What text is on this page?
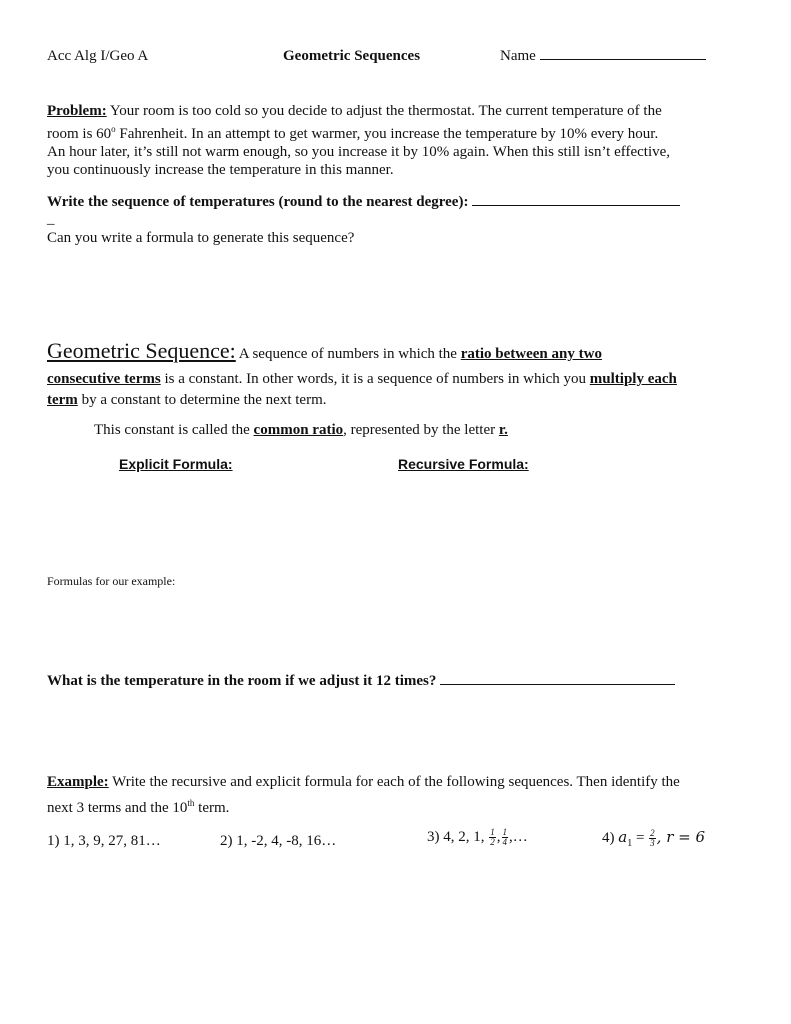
Acc Alg I/Geo A	Geometric Sequences	Name
Problem: Your room is too cold so you decide to adjust the thermostat. The current temperature of the
room is 60$^o$ Fahrenheit. In an attempt to get warmer, you increase the temperature by 10% every hour.
An hour later, it’s still not warm enough, so you increase it by 10% again. When this still isn’t effective,
you continuously increase the temperature in this manner.
Write the sequence of temperatures (round to the nearest degree):
_
Can you write a formula to generate this sequence?
Geometric Sequence: A sequence of numbers in which the ratio between any two
consecutive terms is a constant. In other words, it is a sequence of numbers in which you multiply each
term by a constant to determine the next term.
This constant is called the common ratio, represented by the letter r.
Explicit Formula:	Recursive Formula:
Formulas for our example:
What is the temperature in the room if we adjust it 12 times?
Example: Write the recursive and explicit formula for each of the following sequences. Then identify the
next 3 terms and the 10th term.
1) 1, 3, 9, 27, 81…	2) 1, -2, 4, -8, 16…	3) 4, 2, 1, $\frac{1}{2}$ , $\frac{1}{4}$ ,…	4) $a_1 = \frac{2}{3}$ , r = 6
